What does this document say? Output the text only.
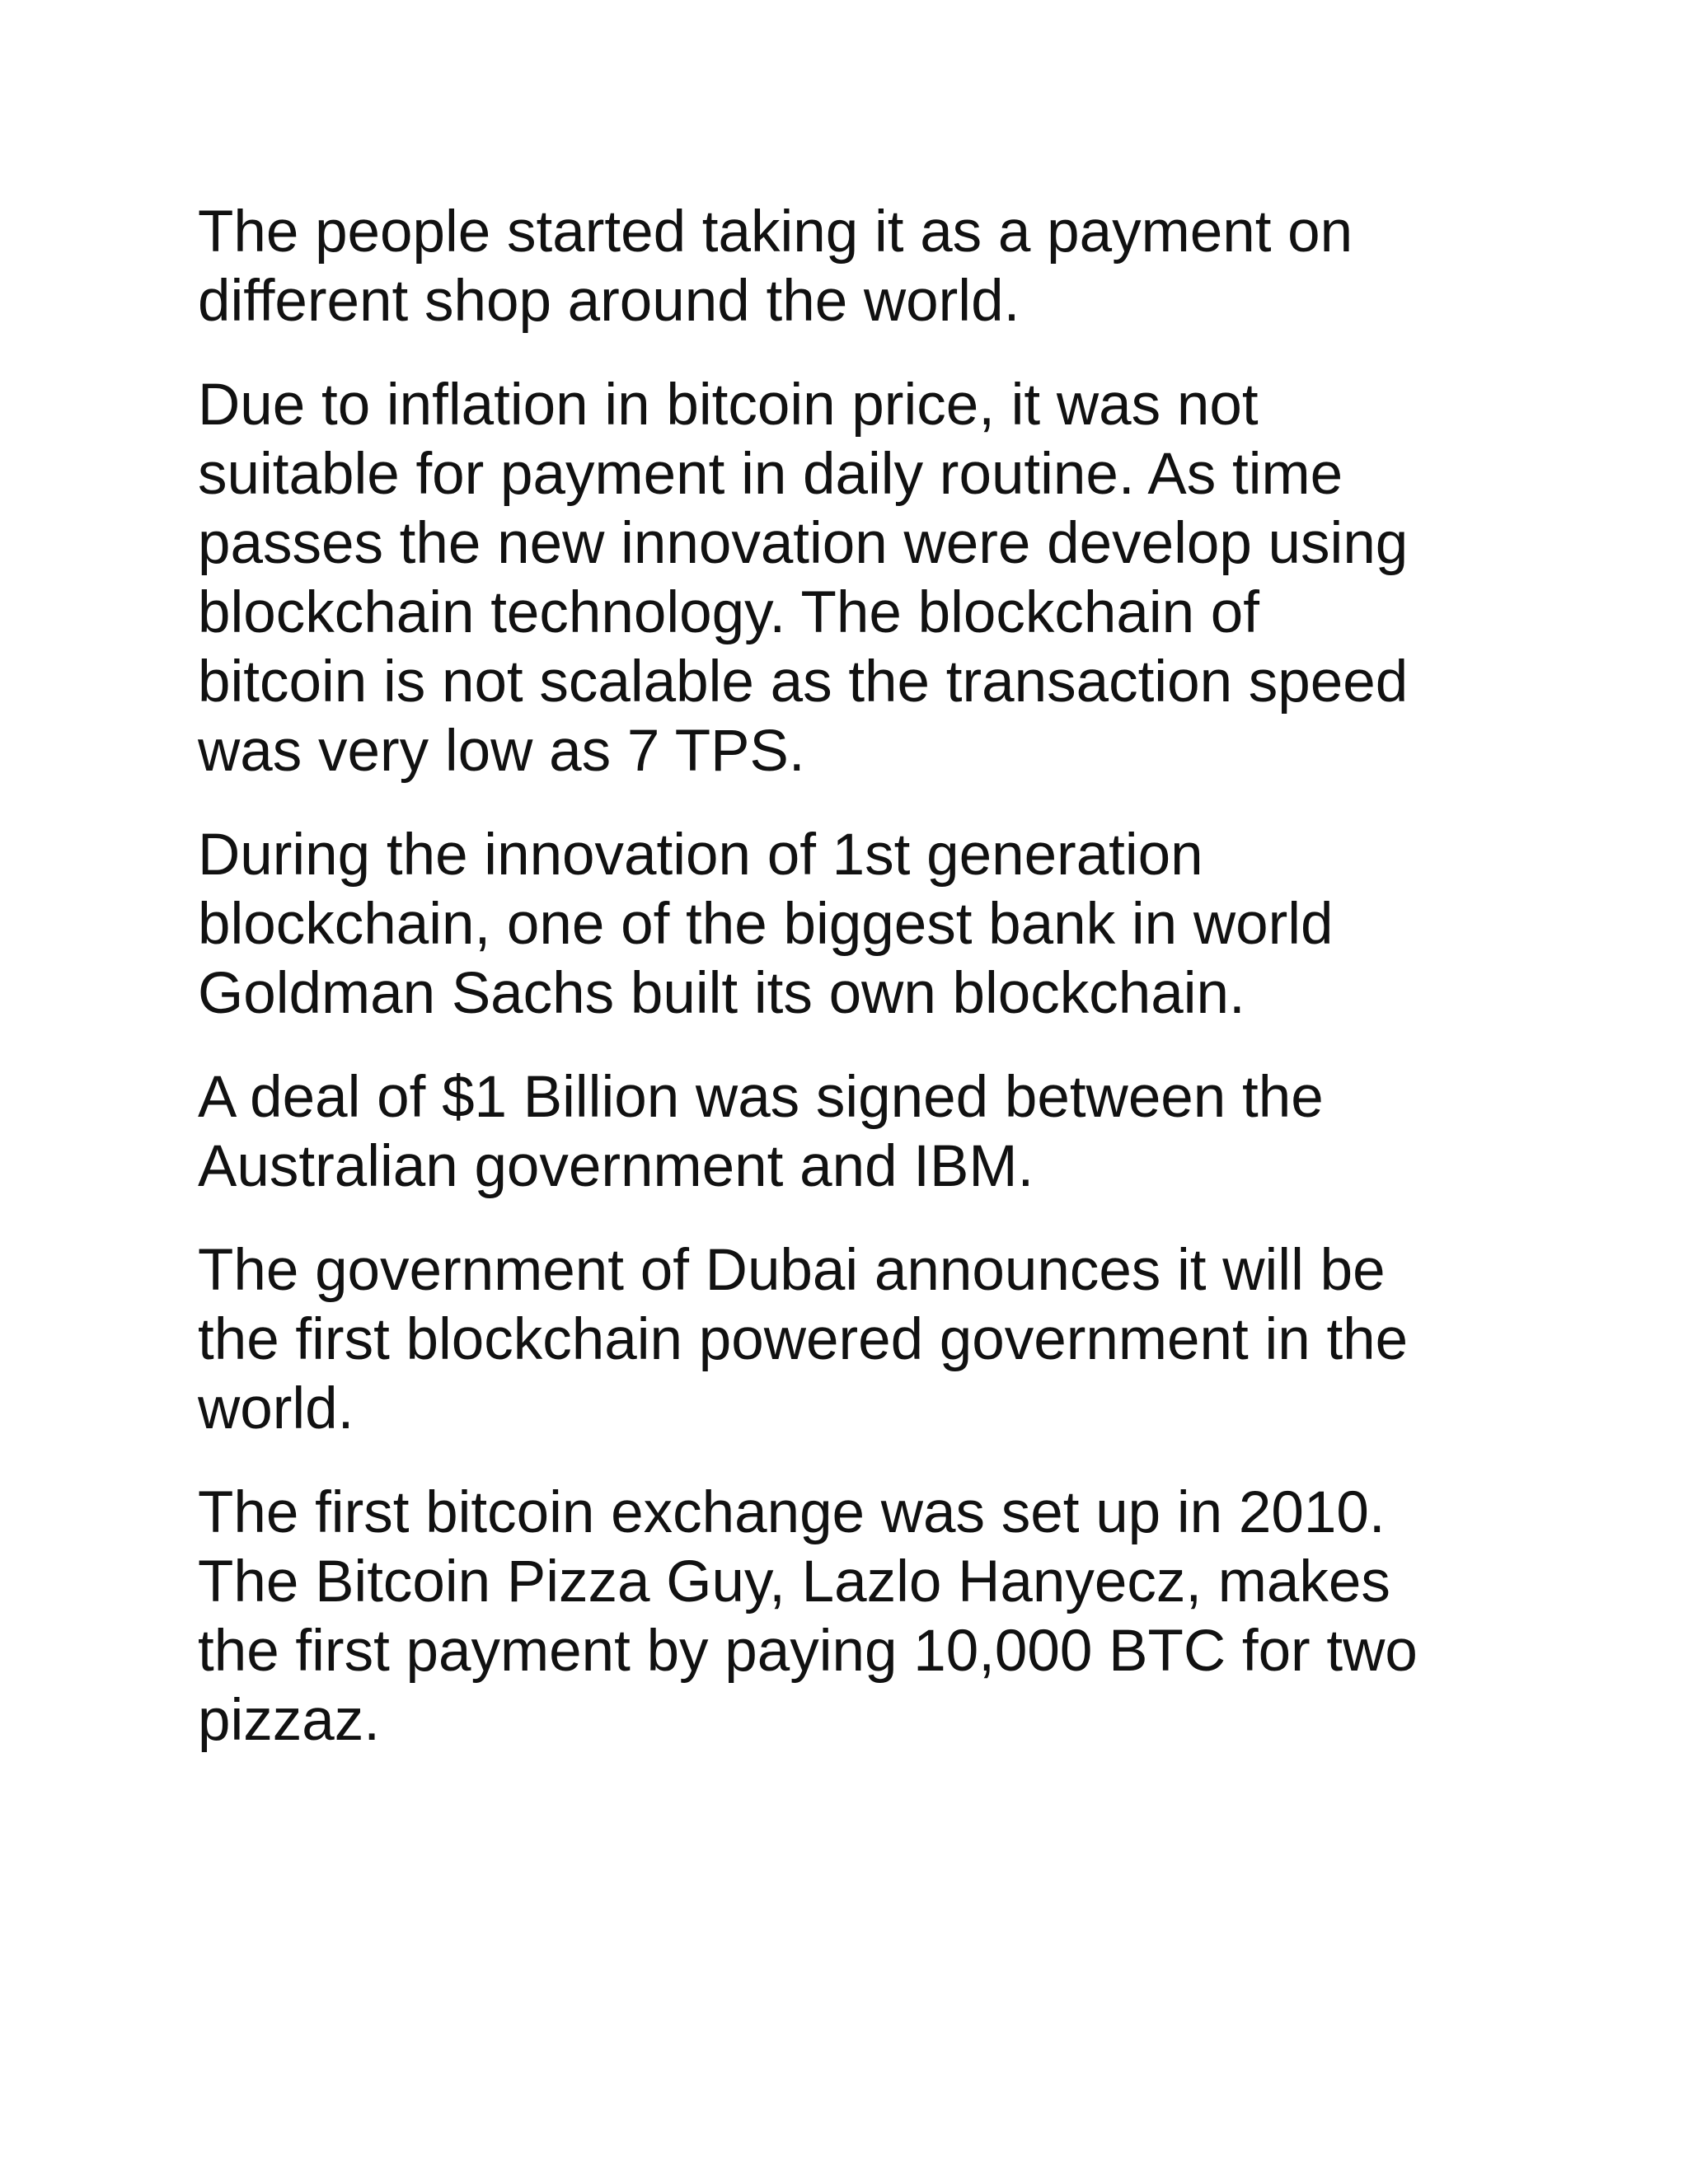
The people started taking it as a payment on
different shop around the world.

Due to inflation in bitcoin price, it was not
suitable for payment in daily routine. As time
passes the new innovation were develop using
blockchain technology. The blockchain of
bitcoin is not scalable as the transaction speed
was very low as 7 TPS.

During the innovation of 1st generation
blockchain, one of the biggest bank in world
Goldman Sachs built its own blockchain.

A deal of $1 Billion was signed between the
Australian government and IBM.

The government of Dubai announces it will be
the first blockchain powered government in the
world.

The first bitcoin exchange was set up in 2010.
The Bitcoin Pizza Guy, Lazlo Hanyecz, makes
the first payment by paying 10,000 BTC for two
pizzaz.
